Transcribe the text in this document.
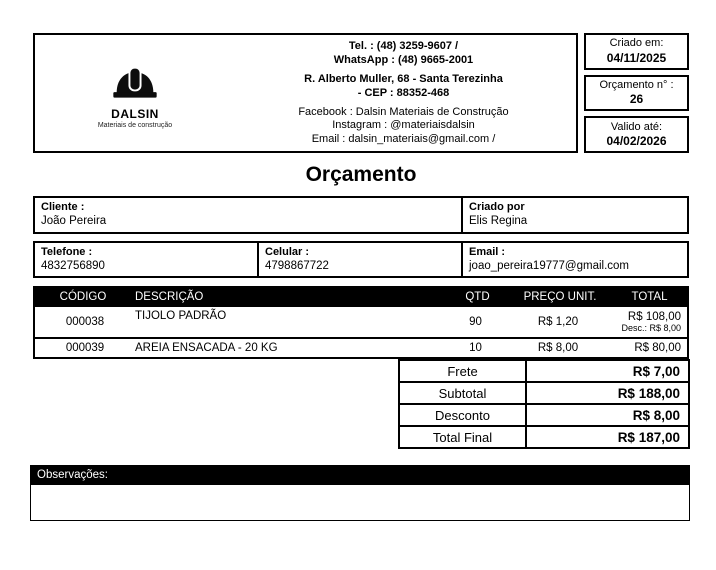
DALSIN
Materiais de construção
Tel. : (48) 3259-9607 /
WhatsApp : (48) 9665-2001
R. Alberto Muller, 68 - Santa Terezinha
- CEP : 88352-468
Facebook : Dalsin Materiais de Construção
Instagram : @materiaisdalsin
Email : dalsin_materiais@gmail.com /
Criado em:
04/11/2025
Orçamento n° :
26
Valido até:
04/02/2026
Orçamento
Cliente :
João Pereira
Criado por
Elis Regina
Telefone :
4832756890
Celular :
4798867722
Email :
joao_pereira19777@gmail.com
CÓDIGO	DESCRIÇÃO	QTD	PREÇO UNIT.	TOTAL
000038	TIJOLO PADRÃO	90	R$ 1,20	R$ 108,00
Desc.: R$ 8,00
000039	AREIA ENSACADA - 20 KG	10	R$ 8,00	R$ 80,00
Frete	R$ 7,00
Subtotal	R$ 188,00
Desconto	R$ 8,00
Total Final	R$ 187,00
Observações:
